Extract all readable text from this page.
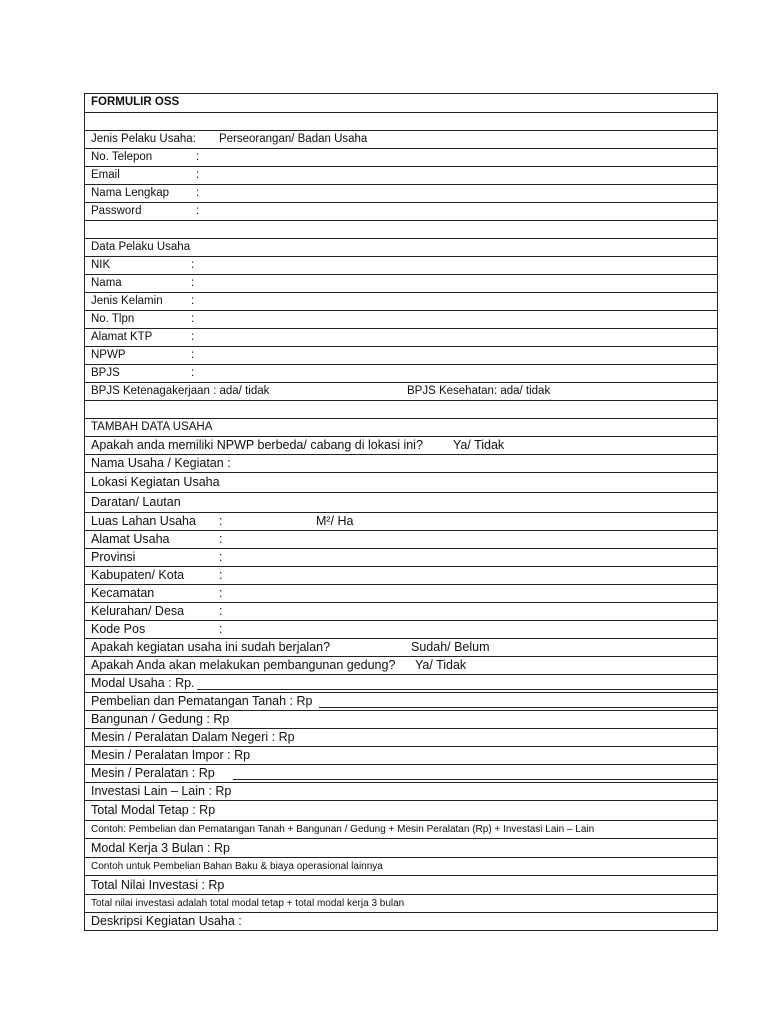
FORMULIR OSS
Jenis Pelaku Usaha: Perseorangan/ Badan Usaha
No. Telepon	:
Email	:
Nama Lengkap :
Password	:
Data Pelaku Usaha
NIK	:
Nama	:
Jenis Kelamin :
No. Tlpn	:
Alamat KTP	:
NPWP	:
BPJS	:
BPJS Ketenagakerjaan : ada/ tidak	BPJS Kesehatan: ada/ tidak
TAMBAH DATA USAHA
Apakah anda memiliki NPWP berbeda/ cabang di lokasi ini? Ya/ Tidak
Nama Usaha / Kegiatan :
Lokasi Kegiatan Usaha
Daratan/ Lautan
Luas Lahan Usaha :	M²/ Ha
Alamat Usaha	:
Provinsi	:
Kabupaten/ Kota	:
Kecamatan	:
Kelurahan/ Desa	:
Kode Pos	:
Apakah kegiatan usaha ini sudah berjalan?	Sudah/ Belum
Apakah Anda akan melakukan pembangunan gedung? Ya/ Tidak
Modal Usaha : Rp.
Pembelian dan Pematangan Tanah : Rp
Bangunan / Gedung : Rp
Mesin / Peralatan Dalam Negeri : Rp
Mesin / Peralatan Impor : Rp
Mesin / Peralatan : Rp
Investasi Lain – Lain : Rp
Total Modal Tetap : Rp
Contoh: Pembelian dan Pematangan Tanah + Bangunan / Gedung + Mesin Peralatan (Rp) + Investasi Lain – Lain
Modal Kerja 3 Bulan : Rp
Contoh untuk Pembelian Bahan Baku & biaya operasional lainnya
Total Nilai Investasi : Rp
Total nilai investasi adalah total modal tetap + total modal kerja 3 bulan
Deskripsi Kegiatan Usaha :
